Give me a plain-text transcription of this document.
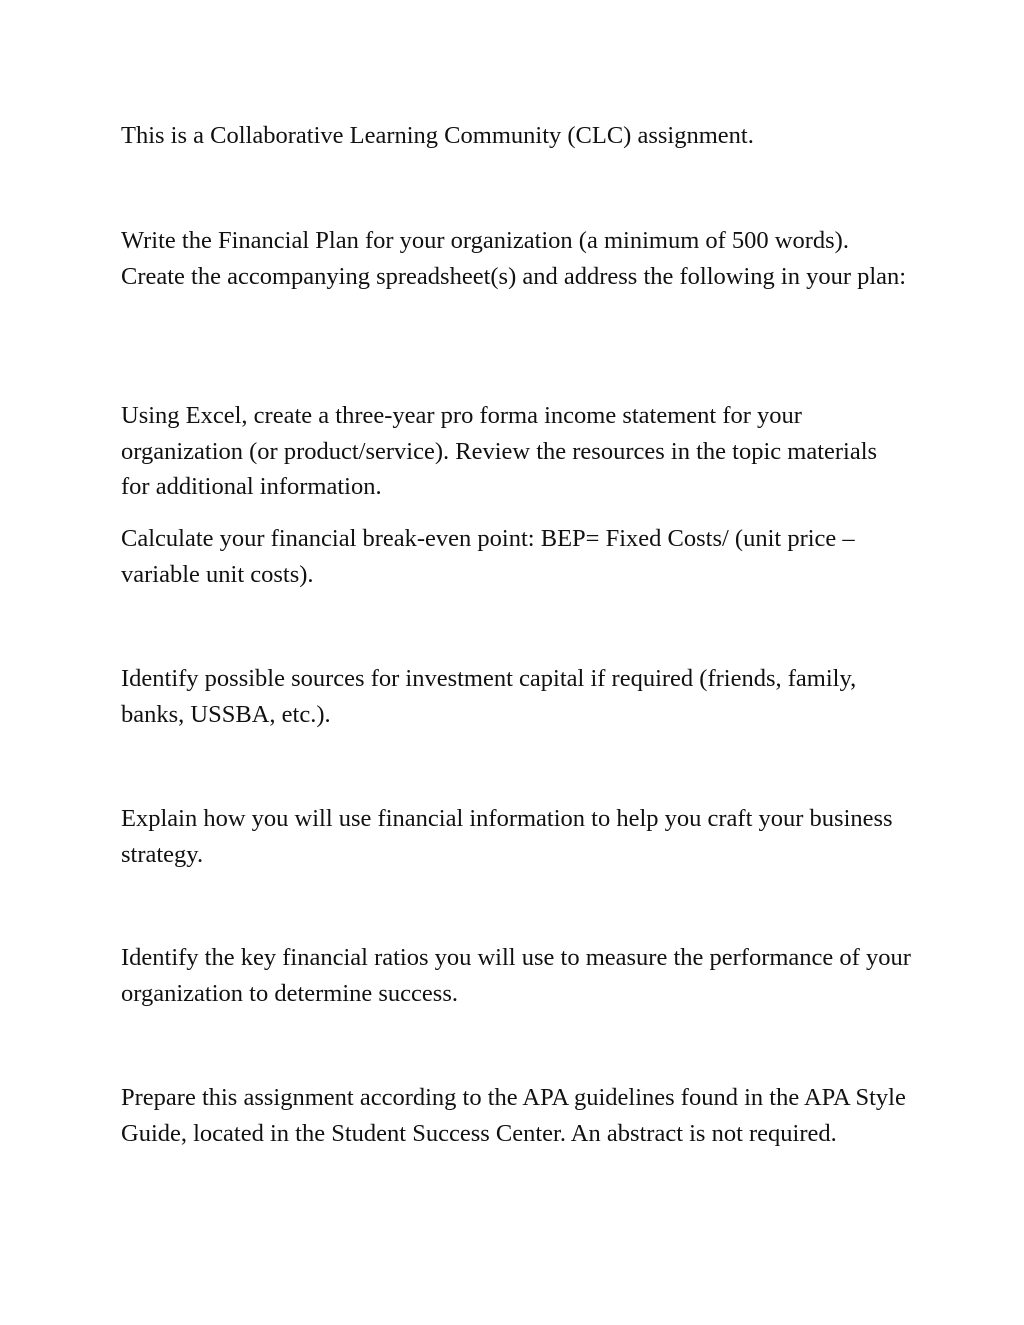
This is a Collaborative Learning Community (CLC) assignment.

Write the Financial Plan for your organization (a minimum of 500 words). Create the accompanying spreadsheet(s) and address the following in your plan:

Using Excel, create a three-year pro forma income statement for your organization (or product/service). Review the resources in the topic materials for additional information.

Calculate your financial break-even point: BEP= Fixed Costs/ (unit price – variable unit costs).

Identify possible sources for investment capital if required (friends, family, banks, USSBA, etc.).

Explain how you will use financial information to help you craft your business strategy.

Identify the key financial ratios you will use to measure the performance of your organization to determine success.

Prepare this assignment according to the APA guidelines found in the APA Style Guide, located in the Student Success Center. An abstract is not required.
